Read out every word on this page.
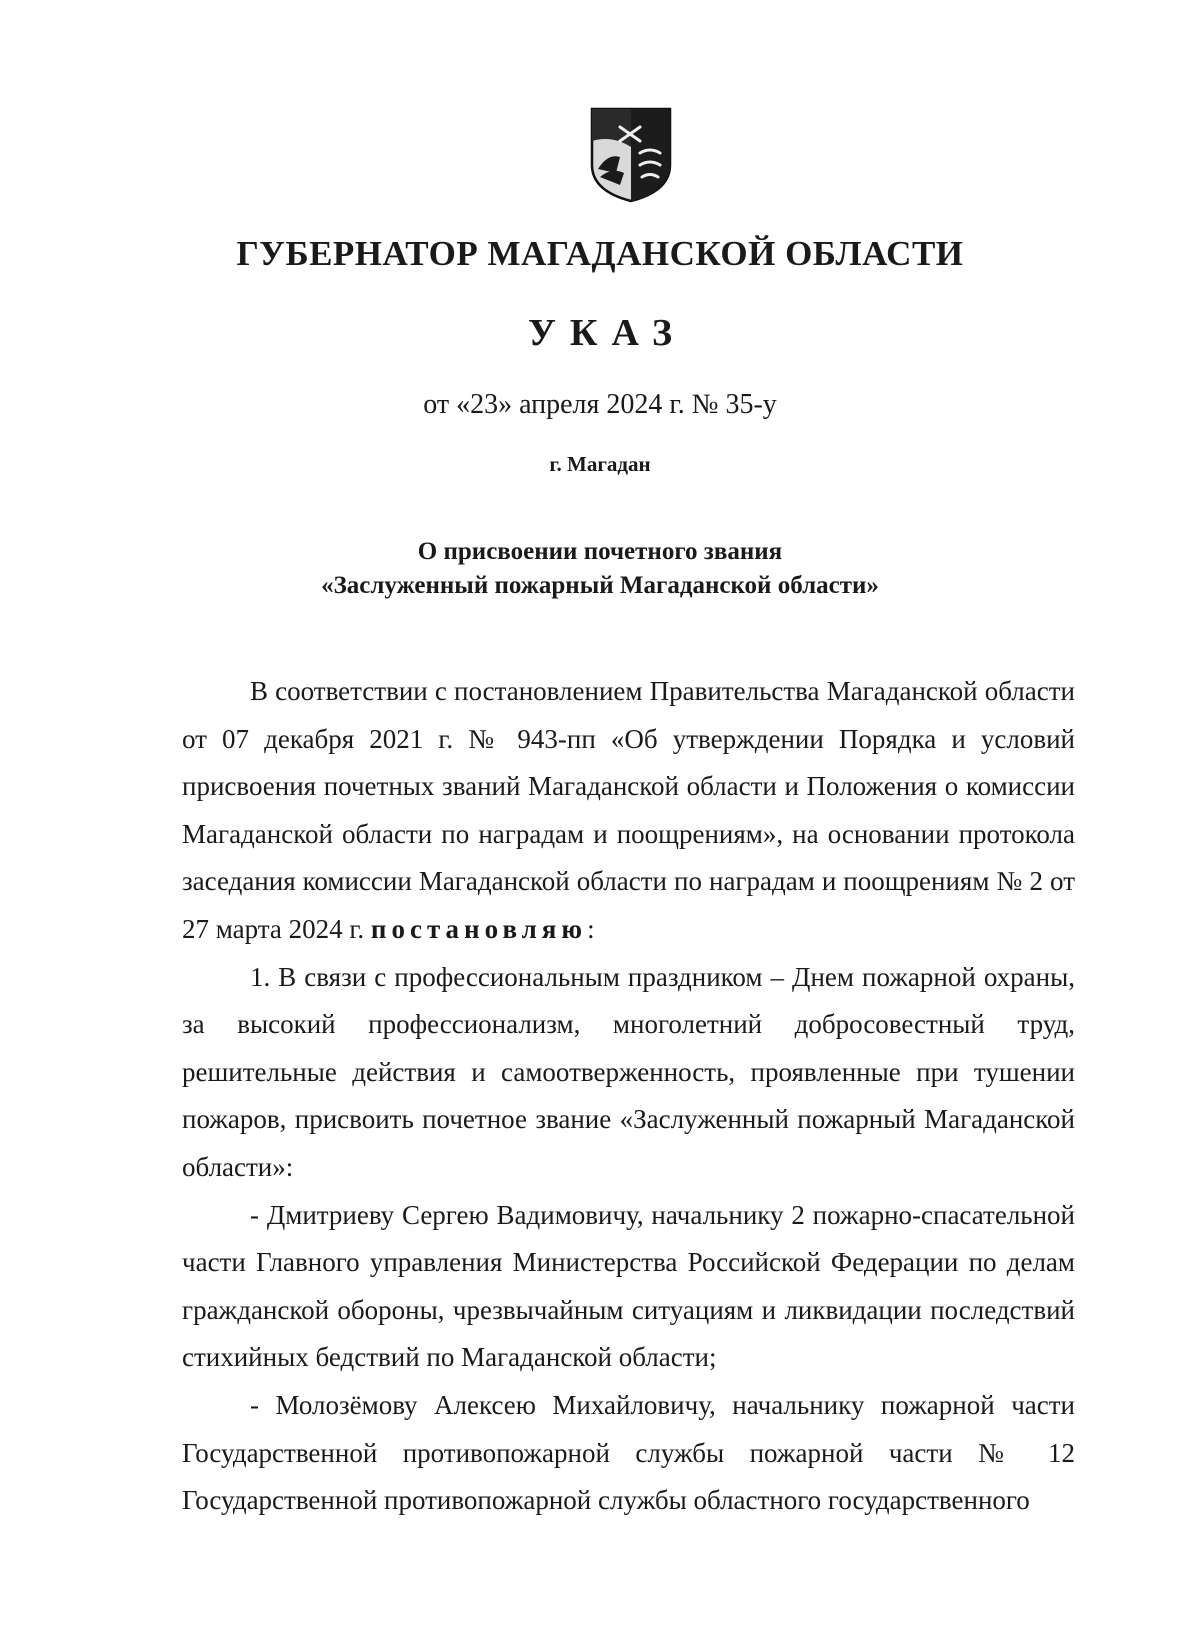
ГУБЕРНАТОР МАГАДАНСКОЙ ОБЛАСТИ
УКАЗ
от «23» апреля 2024 г. № 35-у
г. Магадан
О присвоении почетного звания
«Заслуженный пожарный Магаданской области»

В соответствии с постановлением Правительства Магаданской области от 07 декабря 2021 г. № 943-пп «Об утверждении Порядка и условий присвоения почетных званий Магаданской области и Положения о комиссии Магаданской области по наградам и поощрениям», на основании протокола заседания комиссии Магаданской области по наградам и поощрениям № 2 от 27 марта 2024 г. постановляю:

1. В связи с профессиональным праздником – Днем пожарной охраны, за высокий профессионализм, многолетний добросовестный труд, решительные действия и самоотверженность, проявленные при тушении пожаров, присвоить почетное звание «Заслуженный пожарный Магаданской области»:

- Дмитриеву Сергею Вадимовичу, начальнику 2 пожарно-спасательной части Главного управления Министерства Российской Федерации по делам гражданской обороны, чрезвычайным ситуациям и ликвидации последствий стихийных бедствий по Магаданской области;

- Молозёмову Алексею Михайловичу, начальнику пожарной части Государственной противопожарной службы пожарной части № 12 Государственной противопожарной службы областного государственного
